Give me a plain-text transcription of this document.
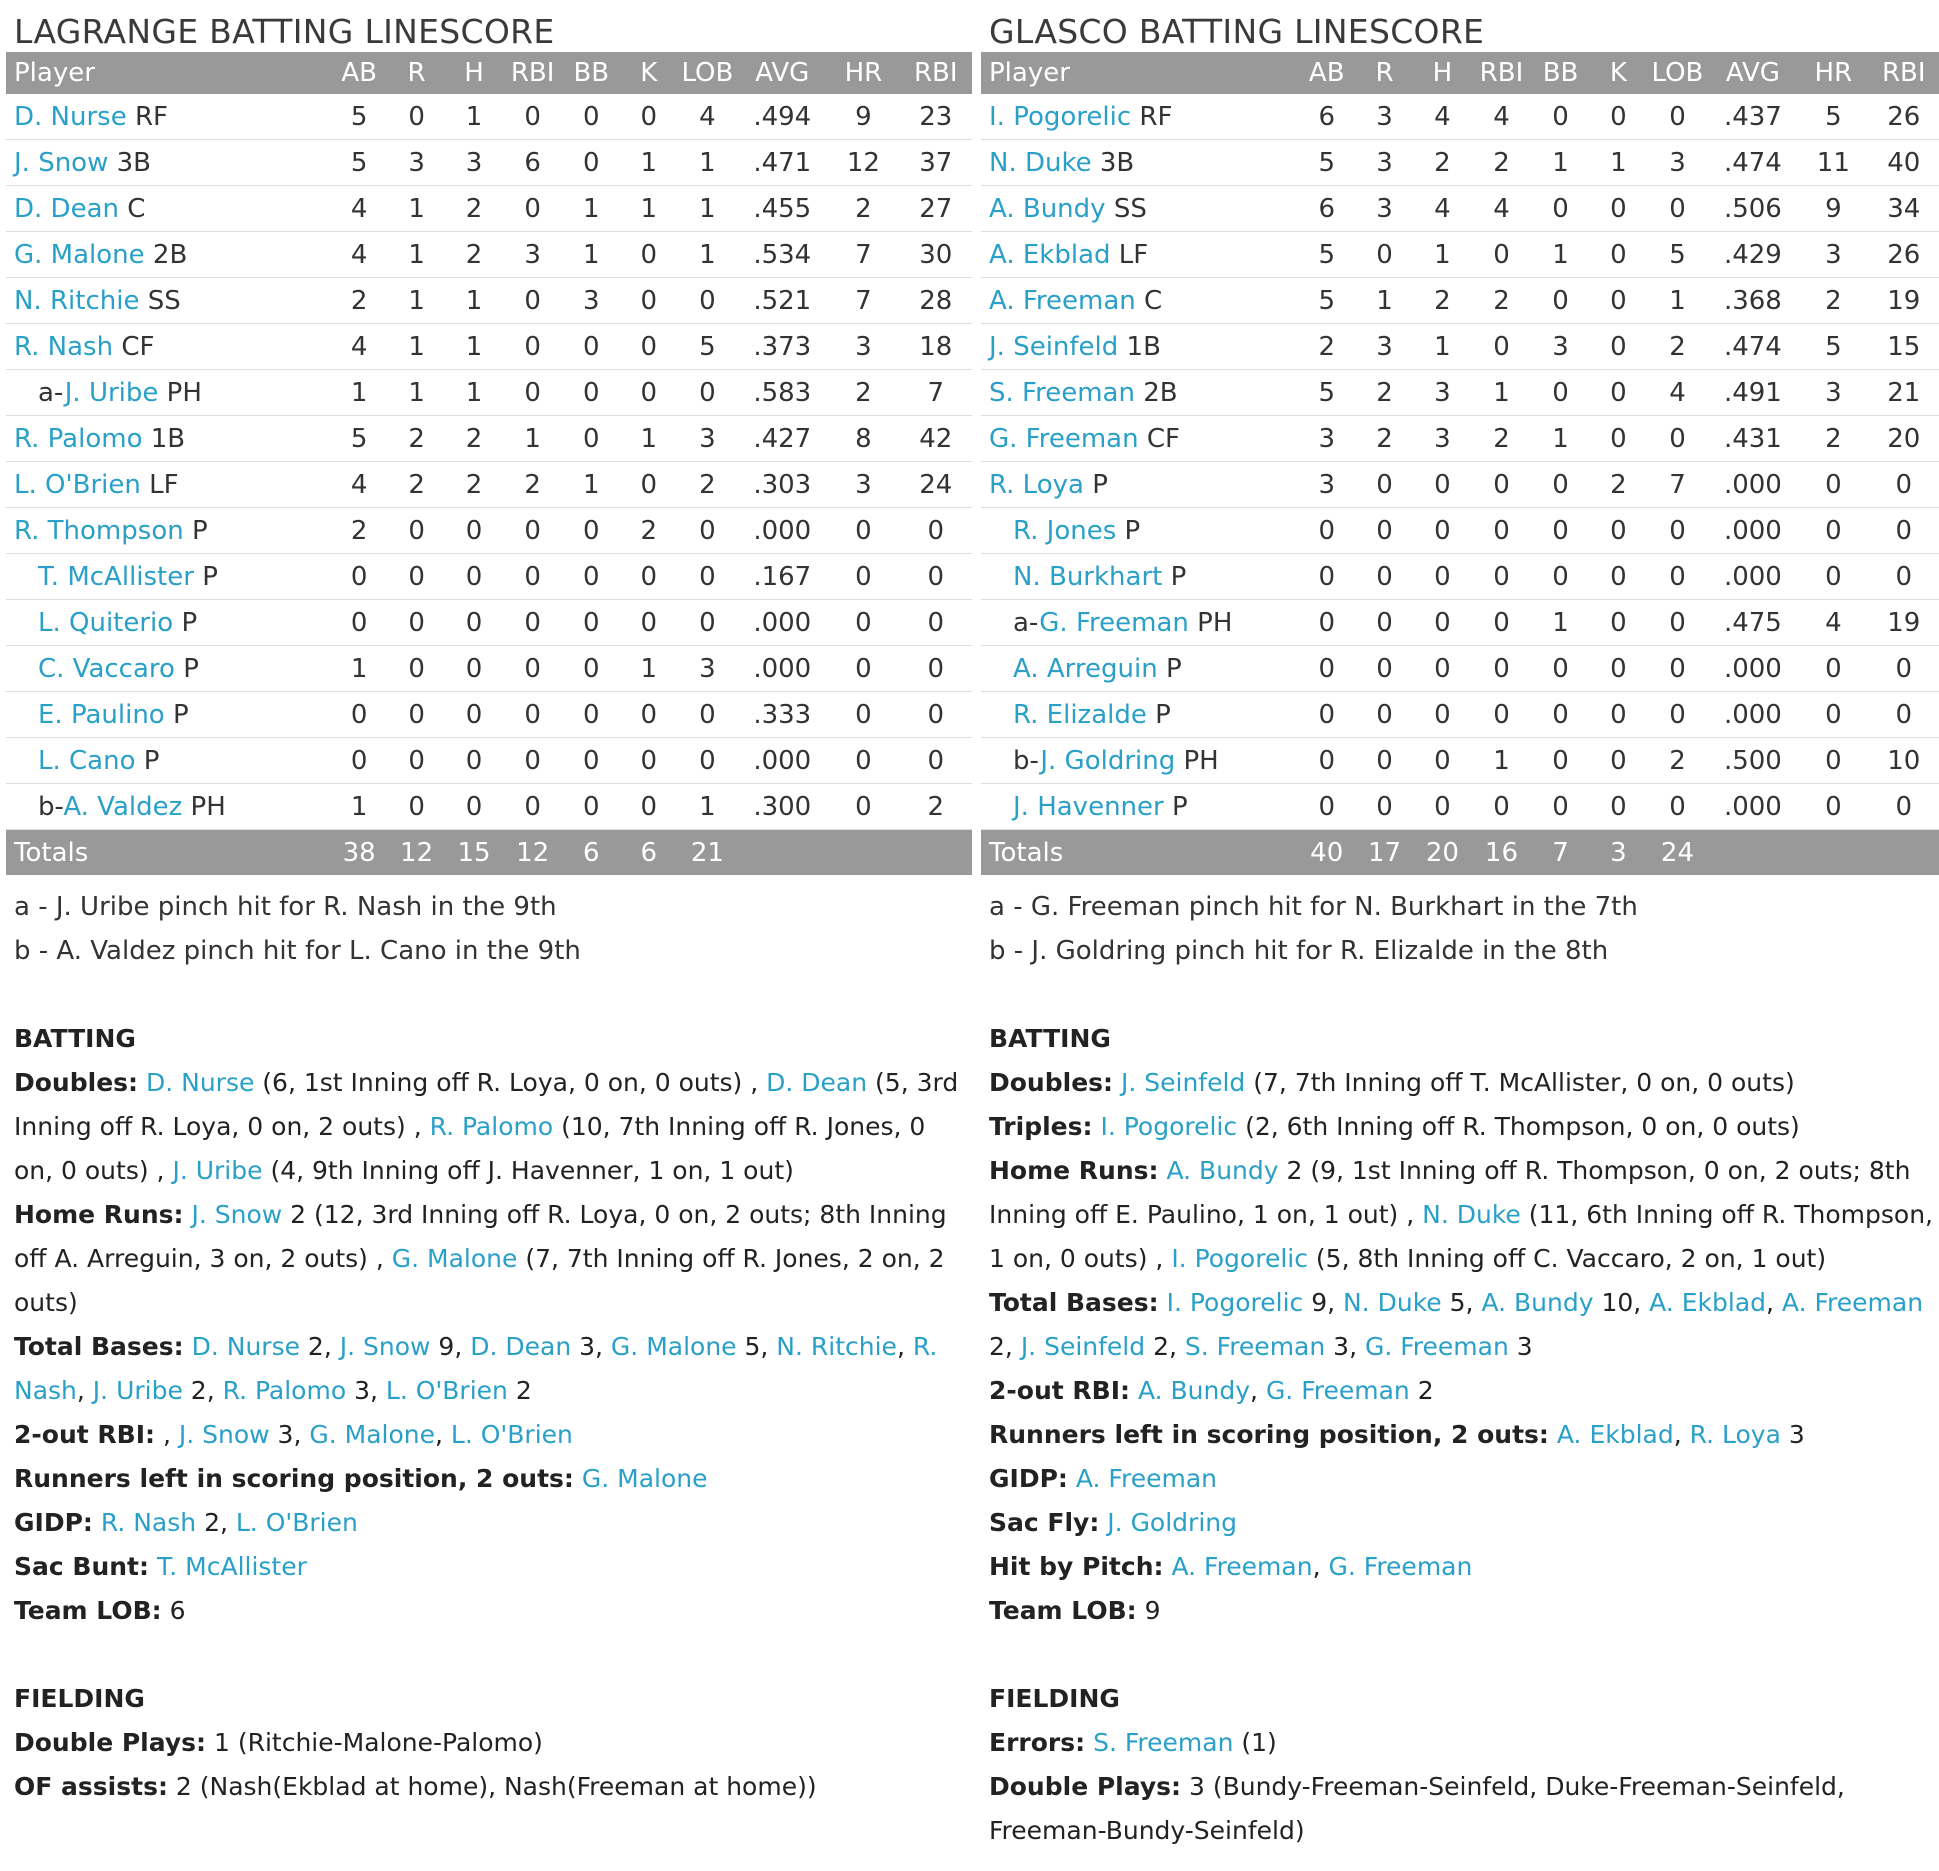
LAGRANGE BATTING LINESCORE
Player	AB	R	H	RBI	BB	K	LOB	AVG	HR	RBI
D. Nurse RF	5	0	1	0	0	0	4	.494	9	23
J. Snow 3B	5	3	3	6	0	1	1	.471	12	37
D. Dean C	4	1	2	0	1	1	1	.455	2	27
G. Malone 2B	4	1	2	3	1	0	1	.534	7	30
N. Ritchie SS	2	1	1	0	3	0	0	.521	7	28
R. Nash CF	4	1	1	0	0	0	5	.373	3	18
a-J. Uribe PH	1	1	1	0	0	0	0	.583	2	7
R. Palomo 1B	5	2	2	1	0	1	3	.427	8	42
L. O'Brien LF	4	2	2	2	1	0	2	.303	3	24
R. Thompson P	2	0	0	0	0	2	0	.000	0	0
T. McAllister P	0	0	0	0	0	0	0	.167	0	0
L. Quiterio P	0	0	0	0	0	0	0	.000	0	0
C. Vaccaro P	1	0	0	0	0	1	3	.000	0	0
E. Paulino P	0	0	0	0	0	0	0	.333	0	0
L. Cano P	0	0	0	0	0	0	0	.000	0	0
b-A. Valdez PH	1	0	0	0	0	0	1	.300	0	2
Totals	38	12	15	12	6	6	21			
a - J. Uribe pinch hit for R. Nash in the 9th
b - A. Valdez pinch hit for L. Cano in the 9th
BATTING

Doubles: D. Nurse (6, 1st Inning off R. Loya, 0 on, 0 outs) , D. Dean (5, 3rd Inning off R. Loya, 0 on, 2 outs) , R. Palomo (10, 7th Inning off R. Jones, 0 on, 0 outs) , J. Uribe (4, 9th Inning off J. Havenner, 1 on, 1 out)

Home Runs: J. Snow 2 (12, 3rd Inning off R. Loya, 0 on, 2 outs; 8th Inning off A. Arreguin, 3 on, 2 outs) , G. Malone (7, 7th Inning off R. Jones, 2 on, 2 outs)

Total Bases: D. Nurse 2, J. Snow 9, D. Dean 3, G. Malone 5, N. Ritchie, R. Nash, J. Uribe 2, R. Palomo 3, L. O'Brien 2

2-out RBI: , J. Snow 3, G. Malone, L. O'Brien

Runners left in scoring position, 2 outs: G. Malone

GIDP: R. Nash 2, L. O'Brien

Sac Bunt: T. McAllister

Team LOB: 6

FIELDING

Double Plays: 1 (Ritchie-Malone-Palomo)

OF assists: 2 (Nash(Ekblad at home), Nash(Freeman at home))

GLASCO BATTING LINESCORE
Player	AB	R	H	RBI	BB	K	LOB	AVG	HR	RBI
I. Pogorelic RF	6	3	4	4	0	0	0	.437	5	26
N. Duke 3B	5	3	2	2	1	1	3	.474	11	40
A. Bundy SS	6	3	4	4	0	0	0	.506	9	34
A. Ekblad LF	5	0	1	0	1	0	5	.429	3	26
A. Freeman C	5	1	2	2	0	0	1	.368	2	19
J. Seinfeld 1B	2	3	1	0	3	0	2	.474	5	15
S. Freeman 2B	5	2	3	1	0	0	4	.491	3	21
G. Freeman CF	3	2	3	2	1	0	0	.431	2	20
R. Loya P	3	0	0	0	0	2	7	.000	0	0
R. Jones P	0	0	0	0	0	0	0	.000	0	0
N. Burkhart P	0	0	0	0	0	0	0	.000	0	0
a-G. Freeman PH	0	0	0	0	1	0	0	.475	4	19
A. Arreguin P	0	0	0	0	0	0	0	.000	0	0
R. Elizalde P	0	0	0	0	0	0	0	.000	0	0
b-J. Goldring PH	0	0	0	1	0	0	2	.500	0	10
J. Havenner P	0	0	0	0	0	0	0	.000	0	0
Totals	40	17	20	16	7	3	24			
a - G. Freeman pinch hit for N. Burkhart in the 7th
b - J. Goldring pinch hit for R. Elizalde in the 8th
BATTING

Doubles: J. Seinfeld (7, 7th Inning off T. McAllister, 0 on, 0 outs)

Triples: I. Pogorelic (2, 6th Inning off R. Thompson, 0 on, 0 outs)

Home Runs: A. Bundy 2 (9, 1st Inning off R. Thompson, 0 on, 2 outs; 8th Inning off E. Paulino, 1 on, 1 out) , N. Duke (11, 6th Inning off R. Thompson, 1 on, 0 outs) , I. Pogorelic (5, 8th Inning off C. Vaccaro, 2 on, 1 out)

Total Bases: I. Pogorelic 9, N. Duke 5, A. Bundy 10, A. Ekblad, A. Freeman 2, J. Seinfeld 2, S. Freeman 3, G. Freeman 3

2-out RBI: A. Bundy, G. Freeman 2

Runners left in scoring position, 2 outs: A. Ekblad, R. Loya 3

GIDP: A. Freeman

Sac Fly: J. Goldring

Hit by Pitch: A. Freeman, G. Freeman

Team LOB: 9

FIELDING

Errors: S. Freeman (1)

Double Plays: 3 (Bundy-Freeman-Seinfeld, Duke-Freeman-Seinfeld, Freeman-Bundy-Seinfeld)
